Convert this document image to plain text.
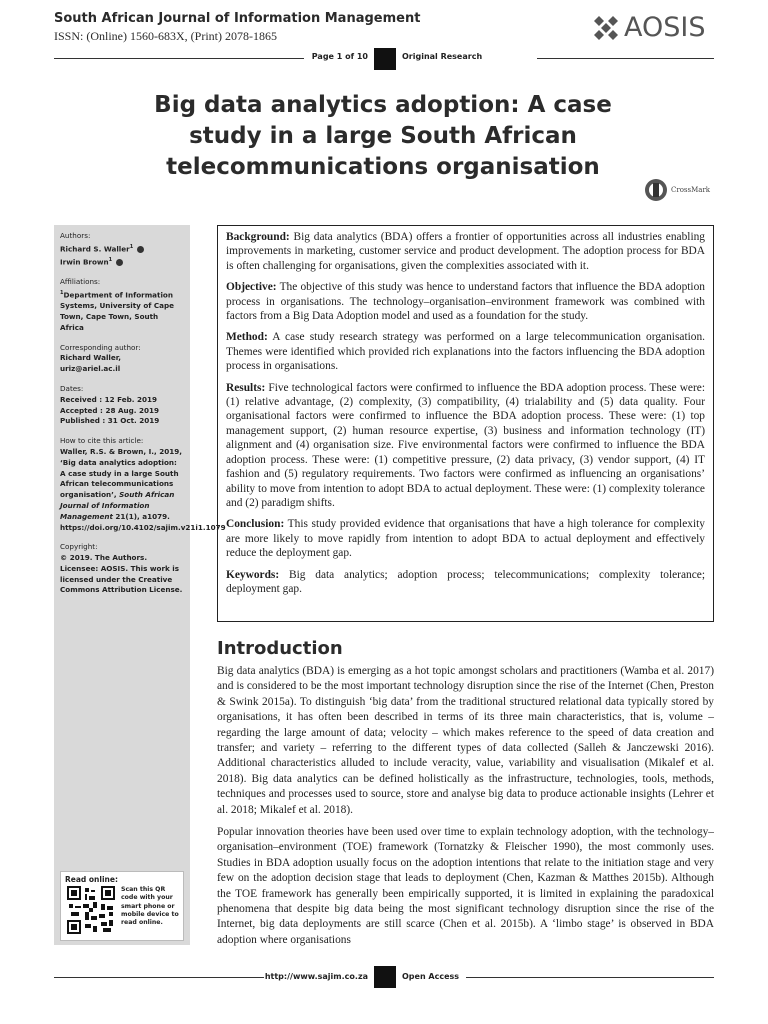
South African Journal of Information Management
ISSN: (Online) 1560-683X, (Print) 2078-1865	AOSIS
Page 1 of 10	Original Research
Big data analytics adoption: A case study in a large South African telecommunications organisation
CrossMark
Authors:
Richard S. Waller$^1$
Irwin Brown$^1$
Affiliations:
$^1$Department of Information Systems, University of Cape Town, Cape Town, South Africa
Corresponding author:
Richard Waller,
uriz@ariel.ac.il
Dates:
Received : 12 Feb. 2019
Accepted : 28 Aug. 2019
Published : 31 Oct. 2019
How to cite this article:
Waller, R.S. & Brown, I., 2019, ‘Big data analytics adoption: A case study in a large South African telecommunications organisation’, South African Journal of Information Management 21(1), a1079. https://doi.org/10.4102/sajim.v21i1.1079
Copyright:
© 2019. The Authors. Licensee: AOSIS. This work is licensed under the Creative Commons Attribution License.
Read online:
Scan this QR code with your smart phone or mobile device to read online.

Background: Big data analytics (BDA) offers a frontier of opportunities across all industries enabling improvements in marketing, customer service and product development. The adoption process for BDA is often challenging for organisations, given the complexities associated with it.

Objective: The objective of this study was hence to understand factors that influence the BDA adoption process in organisations. The technology–organisation–environment framework was combined with factors from a Big Data Adoption model and used as a foundation for the study.

Method: A case study research strategy was performed on a large telecommunication organisation. Themes were identified which provided rich explanations into the factors influencing the BDA adoption process in organisations.

Results: Five technological factors were confirmed to influence the BDA adoption process. These were: (1) relative advantage, (2) complexity, (3) compatibility, (4) trialability and (5) data quality. Four organisational factors were confirmed to influence the BDA adoption process. These were: (1) top management support, (2) human resource expertise, (3) business and information technology (IT) alignment and (4) organisation size. Five environmental factors were confirmed to influence the BDA adoption process. These were: (1) competitive pressure, (2) data privacy, (3) vendor support, (4) IT fashion and (5) regulatory requirements. Two factors were confirmed as influencing an organisations’ ability to move from intention to adopt BDA to actual deployment. These were: (1) complexity tolerance and (2) paradigm shifts.

Conclusion: This study provided evidence that organisations that have a high tolerance for complexity are more likely to move rapidly from intention to adopt BDA to actual deployment and effectively reduce the deployment gap.

Keywords: Big data analytics; adoption process; telecommunications; complexity tolerance; deployment gap.

Introduction

Big data analytics (BDA) is emerging as a hot topic amongst scholars and practitioners (Wamba et al. 2017) and is considered to be the most important technology disruption since the rise of the Internet (Chen, Preston & Swink 2015a). To distinguish ‘big data’ from the traditional structured relational data typically stored by organisations, it has often been described in terms of its three main characteristics, that is, volume – regarding the large amount of data; velocity – which makes reference to the speed of data creation and transfer; and variety – referring to the different types of data collected (Salleh & Janczewski 2016). Additional characteristics alluded to include veracity, value, variability and visualisation (Mikalef et al. 2018). Big data analytics can be defined holistically as the infrastructure, technologies, tools, methods, techniques and processes used to source, store and analyse big data to produce actionable insights (Lehrer et al. 2018; Mikalef et al. 2018).

Popular innovation theories have been used over time to explain technology adoption, with the technology–organisation–environment (TOE) framework (Tornatzky & Fleischer 1990), the most commonly uses. Studies in BDA adoption usually focus on the adoption intentions that relate to the initiation stage and very few on the adoption decision stage that leads to deployment (Chen, Kazman & Matthes 2015b). Although the TOE framework has generally been empirically supported, it is limited in explaining the paradoxical phenomena that despite big data being the most significant technology disruption since the rise of the Internet, big data deployments are still scarce (Chen et al. 2015b). A ‘limbo stage’ is observed in BDA adoption where organisations

http://www.sajim.co.za	Open Access
